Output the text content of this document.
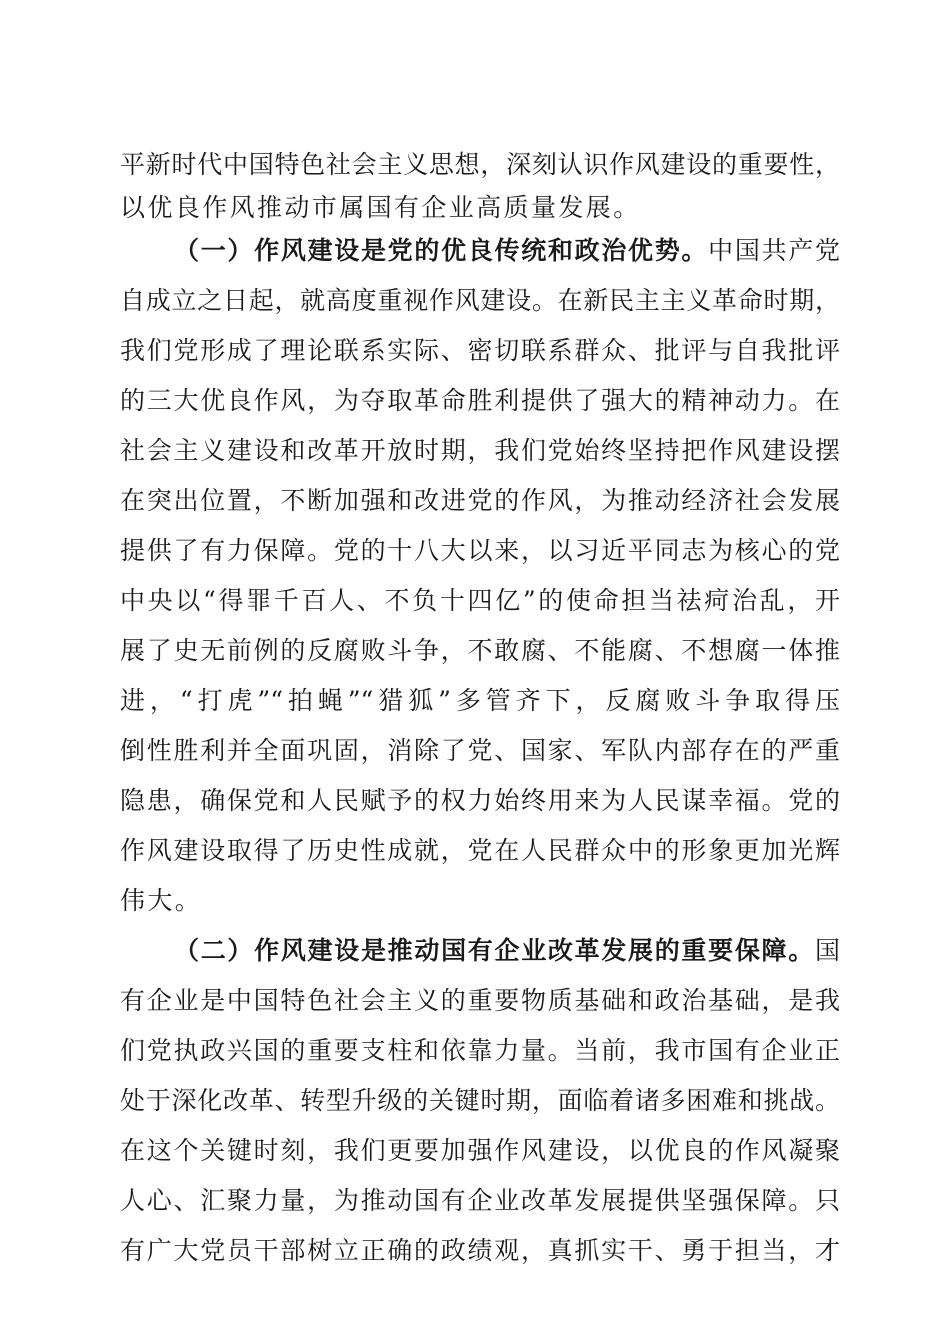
平新时代中国特色社会主义思想，深刻认识作风建设的重要性，
以优良作风推动市属国有企业高质量发展。
（一）作风建设是党的优良传统和政治优势。中国共产党
自成立之日起，就高度重视作风建设。在新民主主义革命时期，
我们党形成了理论联系实际、密切联系群众、批评与自我批评
的三大优良作风，为夺取革命胜利提供了强大的精神动力。在
社会主义建设和改革开放时期，我们党始终坚持把作风建设摆
在突出位置，不断加强和改进党的作风，为推动经济社会发展
提供了有力保障。党的十八大以来，以习近平同志为核心的党
中央以“得罪千百人、不负十四亿”的使命担当祛疴治乱，开
展了史无前例的反腐败斗争，不敢腐、不能腐、不想腐一体推
进，“打虎”“拍蝇”“猎狐”多管齐下，反腐败斗争取得压
倒性胜利并全面巩固，消除了党、国家、军队内部存在的严重
隐患，确保党和人民赋予的权力始终用来为人民谋幸福。党的
作风建设取得了历史性成就，党在人民群众中的形象更加光辉
伟大。
（二）作风建设是推动国有企业改革发展的重要保障。国
有企业是中国特色社会主义的重要物质基础和政治基础，是我
们党执政兴国的重要支柱和依靠力量。当前，我市国有企业正
处于深化改革、转型升级的关键时期，面临着诸多困难和挑战。
在这个关键时刻，我们更要加强作风建设，以优良的作风凝聚
人心、汇聚力量，为推动国有企业改革发展提供坚强保障。只
有广大党员干部树立正确的政绩观，真抓实干、勇于担当，才
